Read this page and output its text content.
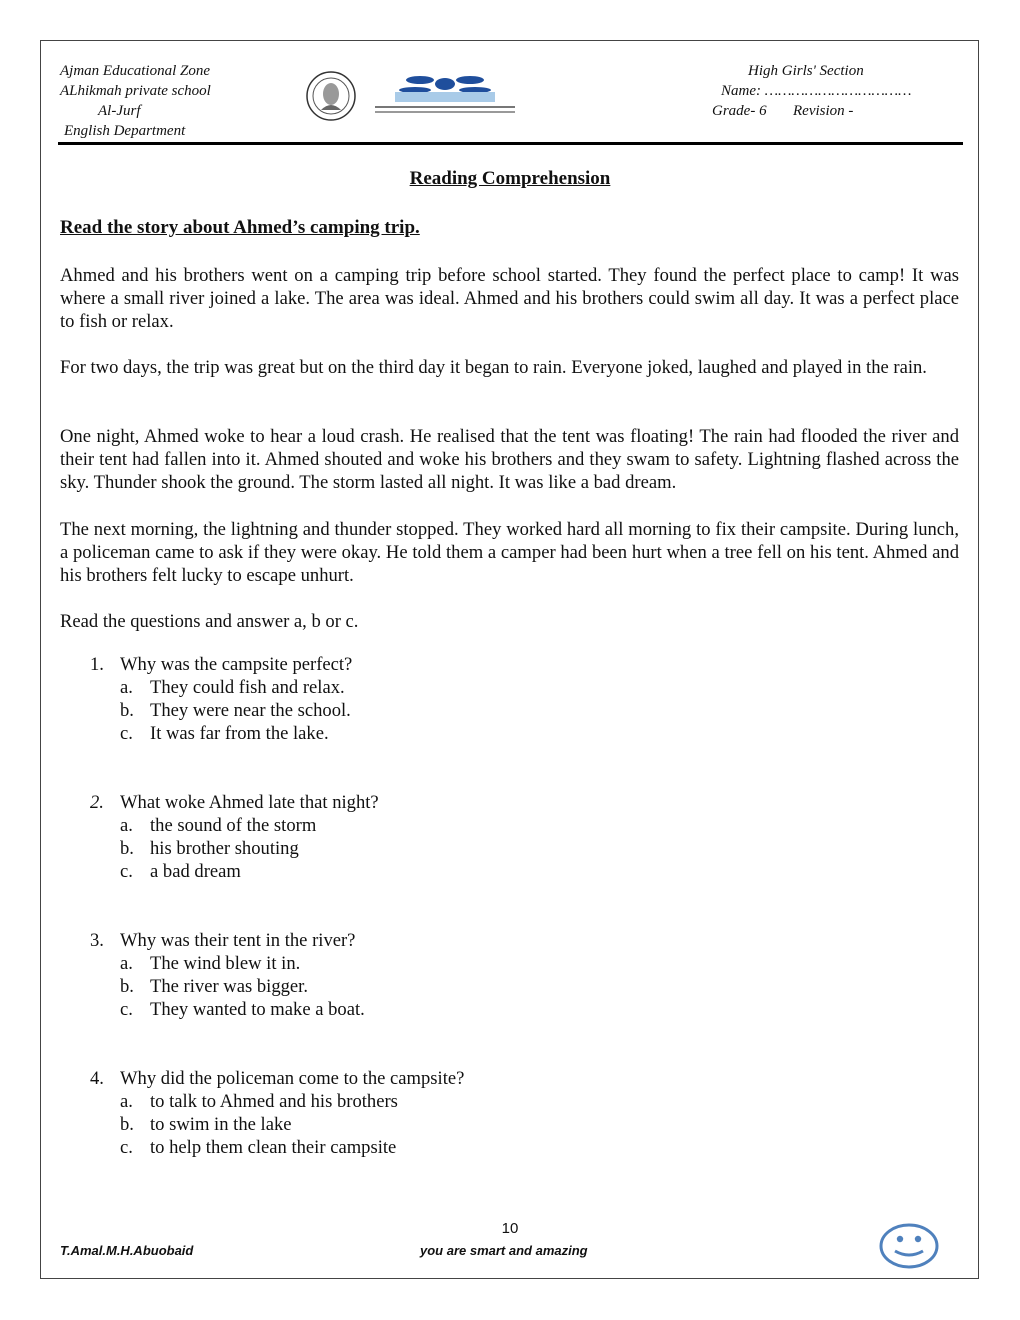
Ajman Educational Zone
ALhikmah private school
Al-Jurf
English Department
High Girls' Section
Name: ……………………………
Grade- 6 Revision -
Reading Comprehension
Read the story about Ahmed’s camping trip.
Ahmed and his brothers went on a camping trip before school started. They found the perfect place to camp! It was where a small river joined a lake. The area was ideal. Ahmed and his brothers could swim all day. It was a perfect place to fish or relax.
For two days, the trip was great but on the third day it began to rain. Everyone joked, laughed and played in the rain.
One night, Ahmed woke to hear a loud crash. He realised that the tent was floating! The rain had flooded the river and their tent had fallen into it. Ahmed shouted and woke his brothers and they swam to safety. Lightning flashed across the sky. Thunder shook the ground. The storm lasted all night. It was like a bad dream.
The next morning, the lightning and thunder stopped. They worked hard all morning to fix their campsite. During lunch, a policeman came to ask if they were okay. He told them a camper had been hurt when a tree fell on his tent. Ahmed and his brothers felt lucky to escape unhurt.
Read the questions and answer a, b or c.
1. Why was the campsite perfect?
a. They could fish and relax.
b. They were near the school.
c. It was far from the lake.
2. What woke Ahmed late that night?
a. the sound of the storm
b. his brother shouting
c. a bad dream
3. Why was their tent in the river?
a. The wind blew it in.
b. The river was bigger.
c. They wanted to make a boat.
4. Why did the policeman come to the campsite?
a. to talk to Ahmed and his brothers
b. to swim in the lake
c. to help them clean their campsite
T.Amal.M.H.Abuobaid
10
you are smart and amazing
